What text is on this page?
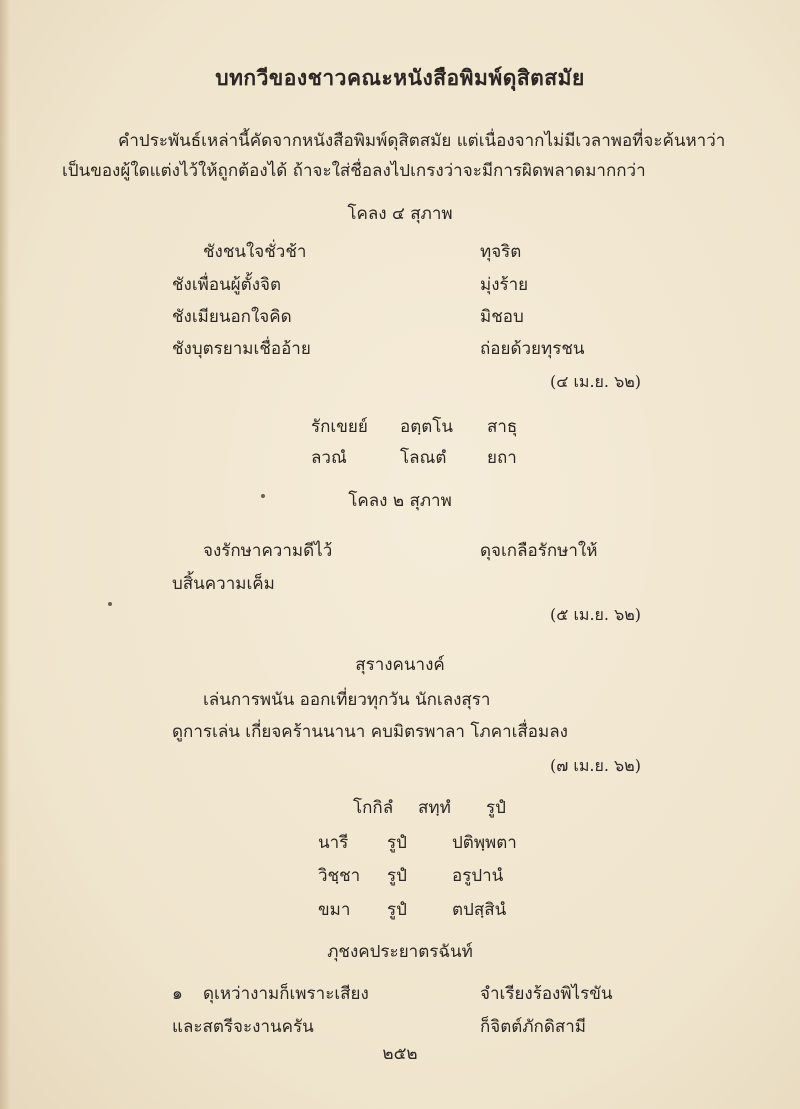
บทกวีของชาวคณะหนังสือพิมพ์ดุสิตสมัย
คำประพันธ์เหล่านี้คัดจากหนังสือพิมพ์ดุสิตสมัย แต่เนื่องจากไม่มีเวลาพอที่จะค้นหาว่า
เป็นของผู้ใดแต่งไว้ให้ถูกต้องได้ ถ้าจะใส่ชื่อลงไปเกรงว่าจะมีการผิดพลาดมากกว่า
โคลง ๔ สุภาพ
ชังชนใจชั่วช้า	ทุจริต
ชังเพื่อนผู้ตั้งจิต	มุ่งร้าย
ชังเมียนอกใจคิด	มิชอบ
ชังบุตรยามเชื่ออ้าย	ถ่อยด้วยทุรชน
(๔ เม.ย. ๖๒)
รักเขยย์ อตฺตโน สาธุ
ลวณํ	โลณตํ ยถา
โคลง ๒ สุภาพ
จงรักษาความดีไว้	ดุจเกลือรักษาให้
บสิ้นความเค็ม
(๕ เม.ย. ๖๒)
สุรางคนางค์
เล่นการพนัน ออกเที่ยวทุกวัน นักเลงสุรา
ดูการเล่น เกี่ยจคร้านนานา คบมิตรพาลา โภคาเสื่อมลง
(๗ เม.ย. ๖๒)
โกกิลํ สทฺทํ รูปํ
นารี รูปํ	ปติพฺพตา
วิชฺชา รูปํ	อรูปานํ
ขมา รูปํ	ตปสฺสินํ
ภุชงคประยาตรฉันท์
๑ ดุเหว่างามก็เพราะเสียง	จำเรียงร้องพิไรขัน
และสตรีจะงานครัน	ก็จิตต์ภักดิสามี
๒๕๒
